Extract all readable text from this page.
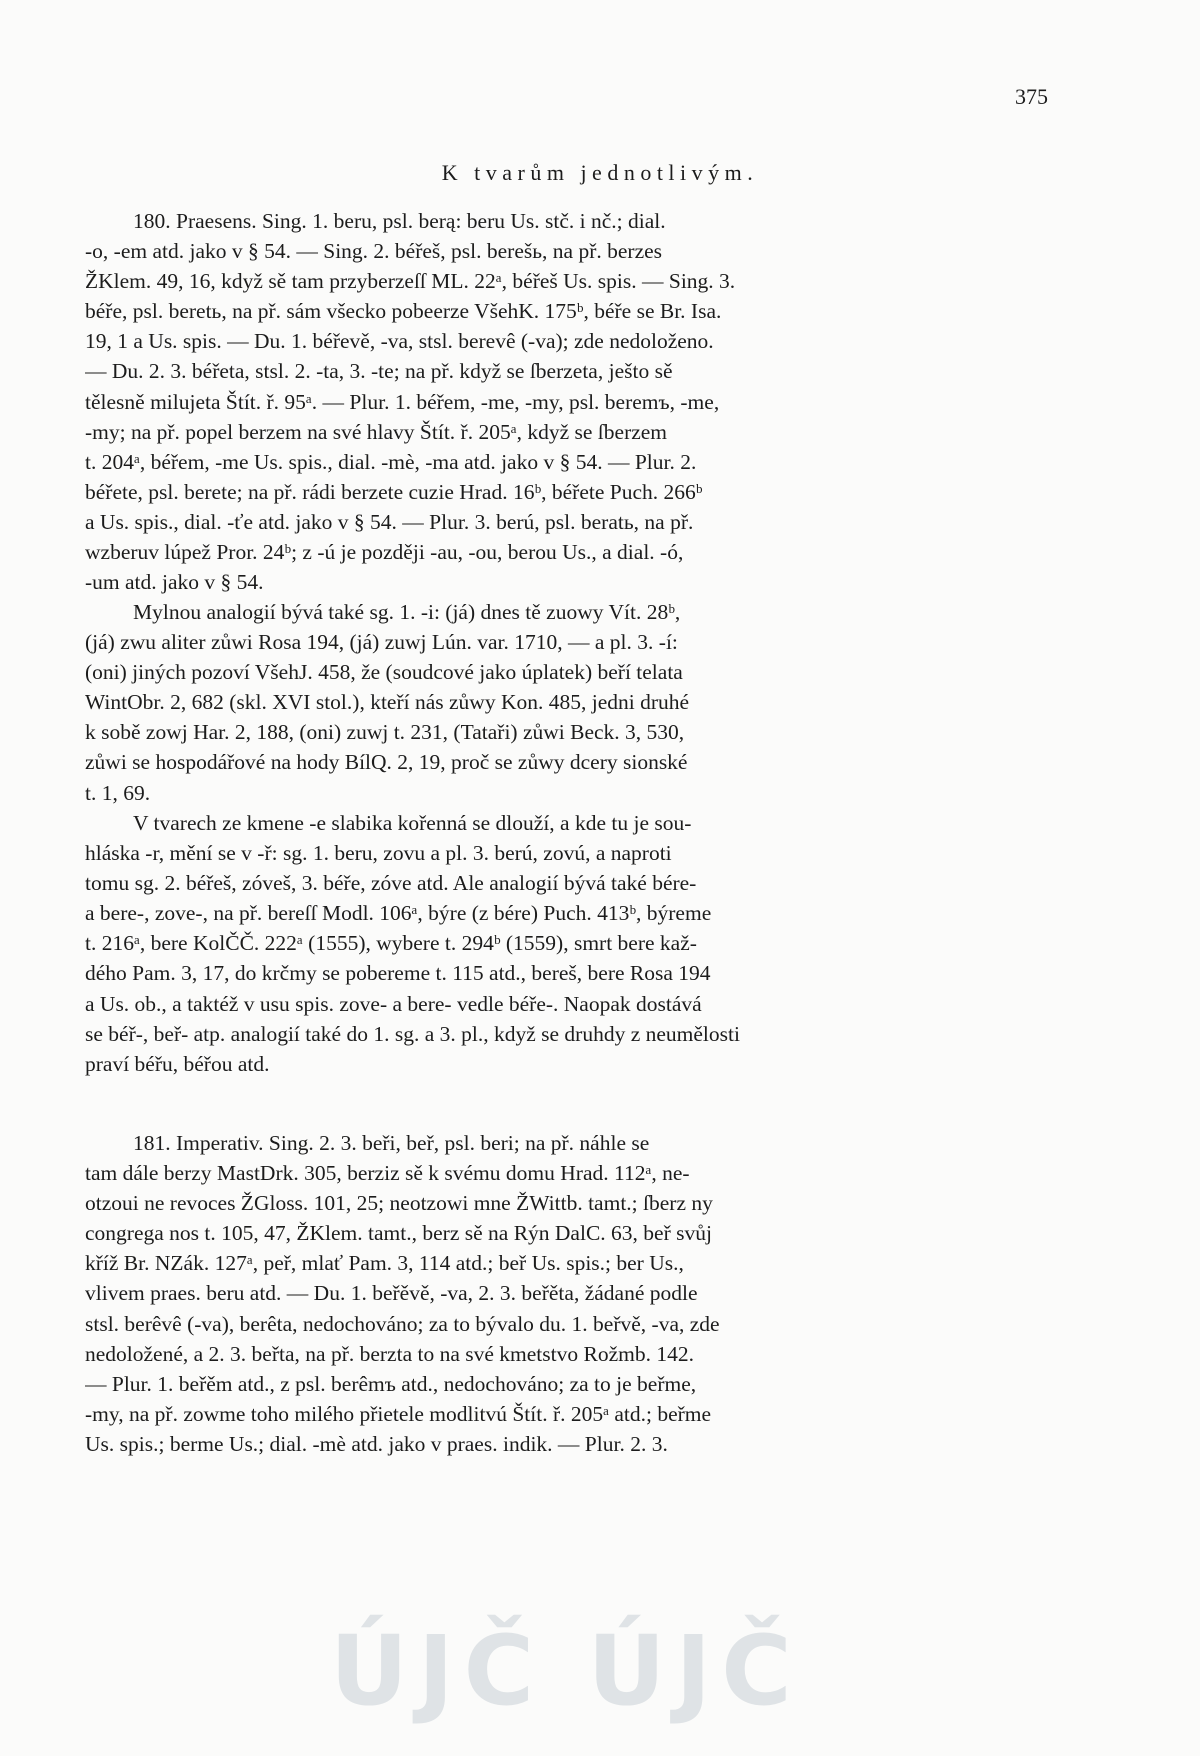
375
K tvarům jednotlivým.
180. Praesens. Sing. 1. beru, psl. berą: beru Us. stč. i nč.; dial.
-o, -em atd. jako v § 54. — Sing. 2. béřeš, psl. berešь, na př. berzes
ŽKlem. 49, 16, když sě tam przyberzeſſ ML. 22ᵃ, béřeš Us. spis. — Sing. 3.
béře, psl. beretь, na př. sám všecko pobeerze VšehK. 175ᵇ, béře se Br. Isa.
19, 1 a Us. spis. — Du. 1. béřevě, -va, stsl. berevê (-va); zde nedoloženo.
— Du. 2. 3. béřeta, stsl. 2. -ta, 3. -te; na př. když se ſberzeta, ješto sě
tělesně milujeta Štít. ř. 95ᵃ. — Plur. 1. béřem, -me, -my, psl. beremъ, -me,
-my; na př. popel berzem na své hlavy Štít. ř. 205ᵃ, když se ſberzem
t. 204ᵃ, béřem, -me Us. spis., dial. -mè, -ma atd. jako v § 54. — Plur. 2.
béřete, psl. berete; na př. rádi berzete cuzie Hrad. 16ᵇ, béřete Puch. 266ᵇ
a Us. spis., dial. -ťe atd. jako v § 54. — Plur. 3. berú, psl. beratь, na př.
wzberuv lúpež Pror. 24ᵇ; z -ú je později -au, -ou, berou Us., a dial. -ó,
-um atd. jako v § 54.
Mylnou analogií bývá také sg. 1. -i: (já) dnes tě zuowy Vít. 28ᵇ,
(já) zwu aliter zůwi Rosa 194, (já) zuwj Lún. var. 1710, — a pl. 3. -í:
(oni) jiných pozoví VšehJ. 458, že (soudcové jako úplatek) beří telata
WintObr. 2, 682 (skl. XVI stol.), kteří nás zůwy Kon. 485, jedni druhé
k sobě zowj Har. 2, 188, (oni) zuwj t. 231, (Tataři) zůwi Beck. 3, 530,
zůwi se hospodářové na hody BílQ. 2, 19, proč se zůwy dcery sionské
t. 1, 69.
V tvarech ze kmene -e slabika kořenná se dlouží, a kde tu je sou-
hláska -r, mění se v -ř: sg. 1. beru, zovu a pl. 3. berú, zovú, a naproti
tomu sg. 2. béřeš, zóveš, 3. béře, zóve atd. Ale analogií bývá také bére-
a bere-, zove-, na př. bereſſ Modl. 106ᵃ, býre (z bére) Puch. 413ᵇ, býreme
t. 216ᵃ, bere KolČČ. 222ᵃ (1555), wybere t. 294ᵇ (1559), smrt bere kaž-
dého Pam. 3, 17, do krčmy se pobereme t. 115 atd., bereš, bere Rosa 194
a Us. ob., a taktéž v usu spis. zove- a bere- vedle béře-. Naopak dostává
se béř-, beř- atp. analogií také do 1. sg. a 3. pl., když se druhdy z neumělosti
praví béřu, béřou atd.
181. Imperativ. Sing. 2. 3. beři, beř, psl. beri; na př. náhle se
tam dále berzy MastDrk. 305, berziz sě k svému domu Hrad. 112ᵃ, ne-
otzoui ne revoces ŽGloss. 101, 25; neotzowi mne ŽWittb. tamt.; ſberz ny
congrega nos t. 105, 47, ŽKlem. tamt., berz sě na Rýn DalC. 63, beř svůj
kříž Br. NZák. 127ᵃ, peř, mlať Pam. 3, 114 atd.; beř Us. spis.; ber Us.,
vlivem praes. beru atd. — Du. 1. beřěvě, -va, 2. 3. beřěta, žádané podle
stsl. berêvê (-va), berêta, nedochováno; za to bývalo du. 1. beřvě, -va, zde
nedoložené, a 2. 3. beřta, na př. berzta to na své kmetstvo Rožmb. 142.
— Plur. 1. beřěm atd., z psl. berêmъ atd., nedochováno; za to je beřme,
-my, na př. zowme toho milého přietele modlitvú Štít. ř. 205ᵃ atd.; beřme
Us. spis.; berme Us.; dial. -mè atd. jako v praes. indik. — Plur. 2. 3.
ÚJČ ÚJČ
